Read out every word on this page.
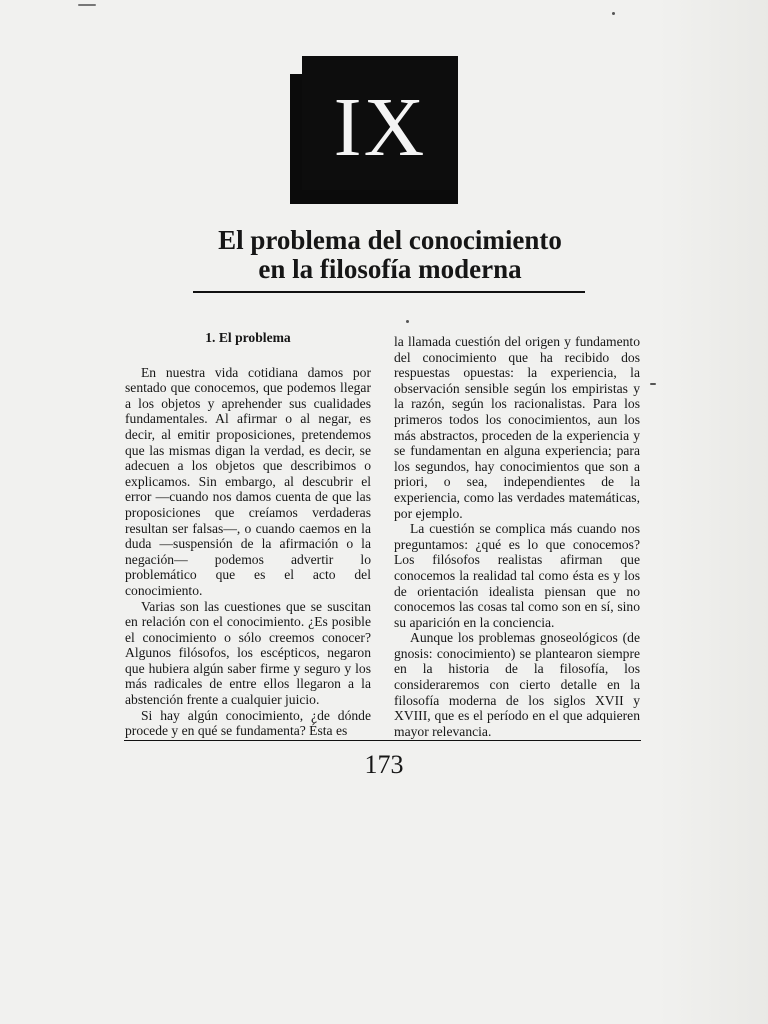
IX
El problema del conocimiento
en la filosofía moderna
1. El problema

En nuestra vida cotidiana damos por sentado que conocemos, que podemos llegar a los objetos y aprehender sus cualidades fundamentales. Al afirmar o al negar, es decir, al emitir proposiciones, pretendemos que las mismas digan la verdad, es decir, se adecuen a los objetos que describimos o explicamos. Sin embargo, al descubrir el error —cuando nos damos cuenta de que las proposiciones que creíamos verdaderas resultan ser falsas—, o cuando caemos en la duda —suspensión de la afirmación o la negación— podemos advertir lo problemático que es el acto del conocimiento.

Varias son las cuestiones que se suscitan en relación con el conocimiento. ¿Es posible el conocimiento o sólo creemos conocer? Algunos filósofos, los escépticos, negaron que hubiera algún saber firme y seguro y los más radicales de entre ellos llegaron a la abstención frente a cualquier juicio.

Si hay algún conocimiento, ¿de dónde procede y en qué se fundamenta? Ésta es

la llamada cuestión del origen y fundamento del conocimiento que ha recibido dos respuestas opuestas: la experiencia, la observación sensible según los empiristas y la razón, según los racionalistas. Para los primeros todos los conocimientos, aun los más abstractos, proceden de la experiencia y se fundamentan en alguna experiencia; para los segundos, hay conocimientos que son a priori, o sea, independientes de la experiencia, como las verdades matemáticas, por ejemplo.

La cuestión se complica más cuando nos preguntamos: ¿qué es lo que conocemos? Los filósofos realistas afirman que conocemos la realidad tal como ésta es y los de orientación idealista piensan que no conocemos las cosas tal como son en sí, sino su aparición en la conciencia.

Aunque los problemas gnoseológicos (de gnosis: conocimiento) se plantearon siempre en la historia de la filosofía, los consideraremos con cierto detalle en la filosofía moderna de los siglos XVII y XVIII, que es el período en el que adquieren mayor relevancia.

173
